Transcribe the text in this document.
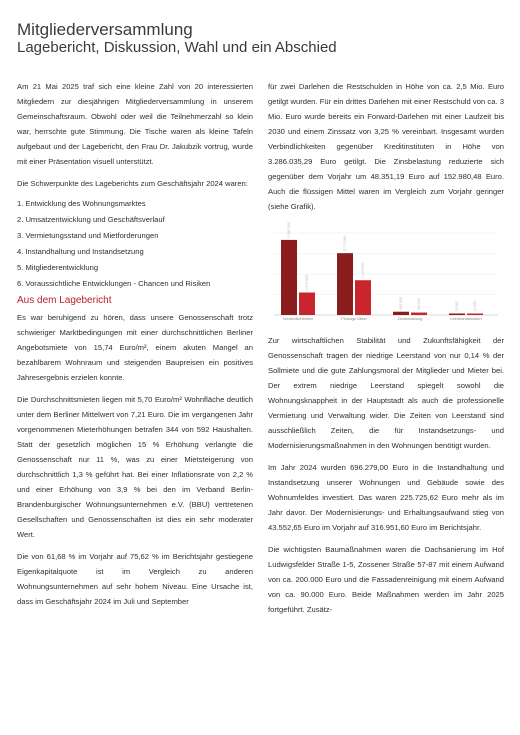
Mitgliederversammlung
Lagebericht, Diskussion, Wahl und ein Abschied

Am 21 Mai 2025 traf sich eine kleine Zahl von 20 interessierten Mitgliedern zur diesjährigen Mitgliederversammlung in unserem Gemeinschaftsraum. Obwohl oder weil die Teilnehmerzahl so klein war, herrschte gute Stimmung. Die Tische waren als kleine Tafeln aufgebaut und der Lagebericht, den Frau Dr. Jakubzik vortrug, wurde mit einer Präsentation visuell unterstützt.

Die Schwerpunkte des Lageberichts zum Geschäftsjahr 2024 waren:

1. Entwicklung des Wohnungsmarktes
2. Umsatzentwicklung und Geschäftsverlauf
3. Vermietungsstand und Mietforderungen
4. Instandhaltung und Instandsetzung
5. Mitgliederentwicklung
6. Voraussichtliche Entwicklungen - Chancen und Risiken
Aus dem Lagebericht

Es war beruhigend zu hören, dass unsere Genossenschaft trotz schwieriger Marktbedingungen mit einer durchschnittlichen Berliner Angebotsmiete von 15,74 Euro/m², einem akuten Mangel an bezahlbarem Wohnraum und steigenden Baupreisen ein positives Jahresergebnis erzielen konnte.

Die Durchschnittsmieten liegen mit 5,70 Euro/m² Wohnfläche deutlich unter dem Berliner Mittelwert von 7,21 Euro. Die im vergangenen Jahr vorgenommenen Mieterhöhungen betrafen 344 von 592 Haushalten. Statt der gesetzlich möglichen 15 % Erhöhung verlangte die Genossenschaft nur 11 %, was zu einer Mietsteigerung von durchschnittlich 1,3 % geführt hat. Bei einer Inflationsrate von 2,2 % und einer Erhöhung von 3,9 % bei den im Verband Berlin-Brandenburgischer Wohnungsunternehmen e.V. (BBU) vertretenen Gesellschaften und Genossenschaften ist dies ein sehr moderater Wert.

Die von 61,68 % im Vorjahr auf 75,62 % im Berichtsjahr gestiegene Eigenkapitalquote ist im Vergleich zu anderen Wohnungsunternehmen auf sehr hohem Niveau. Eine Ursache ist, dass im Geschäftsjahr 2024 im Juli und September

für zwei Darlehen die Restschulden in Höhe von ca. 2,5 Mio. Euro getilgt wurden. Für ein drittes Darlehen mit einer Restschuld von ca. 3 Mio. Euro wurde bereits ein Forward-Darlehen mit einer Laufzeit bis 2030 und einem Zinssatz von 3,25 % vereinbart. Insgesamt wurden Verbindlichkeiten gegenüber Kreditinstituten in Höhe von 3.286.035,29 Euro getilgt. Die Zinsbelastung reduzierte sich gegenüber dem Vorjahr um 48.351,19 Euro auf 152.980,48 Euro. Auch die flüssigen Mittel waren im Vergleich zum Vorjahr geringer (siehe Grafik).

4.580.000
1.370.000
Verbindlichkeiten
3.770.000
2.120.000
Flüssige Mittel
200.000	150.000
Zinsbelastung
10.000	10.000
Leerstandskosten

Zur wirtschaftlichen Stabilität und Zukunftsfähigkeit der Genossenschaft tragen der niedrige Leerstand von nur 0,14 % der Sollmiete und die gute Zahlungsmoral der Mitglieder und Mieter bei. Der extrem niedrige Leerstand spiegelt sowohl die Wohnungsknappheit in der Hauptstadt als auch die professionelle Vermietung und Verwaltung wider. Die Zeiten von Leerstand sind ausschließlich Zeiten, die für Instandsetzungs- und Modernisierungsmaßnahmen in den Wohnungen benötigt wurden.

Im Jahr 2024 wurden 696.279,00 Euro in die Instandhaltung und Instandsetzung unserer Wohnungen und Gebäude sowie des Wohnumfeldes investiert. Das waren 225.725,62 Euro mehr als im Jahr davor. Der Modernisierungs- und Erhaltungsaufwand stieg von 43.552,65 Euro im Vorjahr auf 316.951,60 Euro im Berichtsjahr.

Die wichtigsten Baumaßnahmen waren die Dachsanierung im Hof Ludwigsfelder Straße 1-5, Zossener Straße 57-87 mit einem Aufwand von ca. 200.000 Euro und die Fassadenreinigung mit einem Aufwand von ca. 90.000 Euro. Beide Maßnahmen werden im Jahr 2025 fortgeführt. Zusätz-
